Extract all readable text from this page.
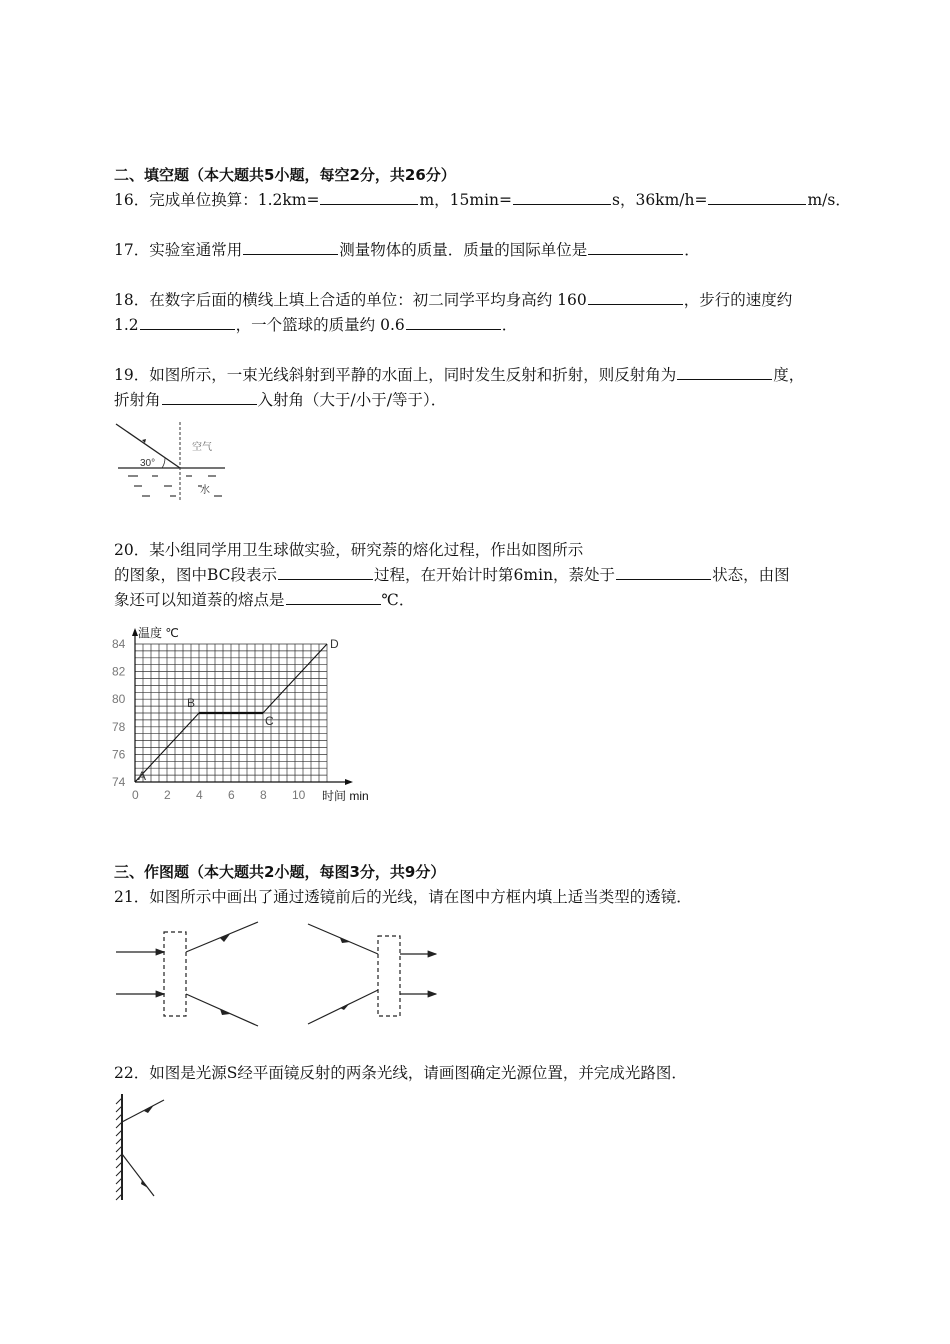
二、填空题（本大题共5小题，每空2分，共26分）
16．完成单位换算：1.2km=	m，15min=	s，36km/h=	m/s．
17．实验室通常用	测量物体的质量．质量的国际单位是	．
18．在数字后面的横线上填上合适的单位：初二同学平均身高约 160	，步行的速度约
1.2	，一个篮球的质量约 0.6	．
19．如图所示，一束光线斜射到平静的水面上，同时发生反射和折射，则反射角为	度，
折射角	入射角（大于/小于/等于）．
30°
空气
水
20．某小组同学用卫生球做实验，研究萘的熔化过程，作出如图所示
的图象，图中BC段表示	过程，在开始计时第6min，萘处于	状态，由图
象还可以知道萘的熔点是	℃．
0 2 4 6 8 10
74
76
78
80
82
84
A
B
C
D
温度 ℃
时间 min
三、作图题（本大题共2小题，每图3分，共9分）
21．如图所示中画出了通过透镜前后的光线，请在图中方框内填上适当类型的透镜．
22．如图是光源S经平面镜反射的两条光线，请画图确定光源位置，并完成光路图．
